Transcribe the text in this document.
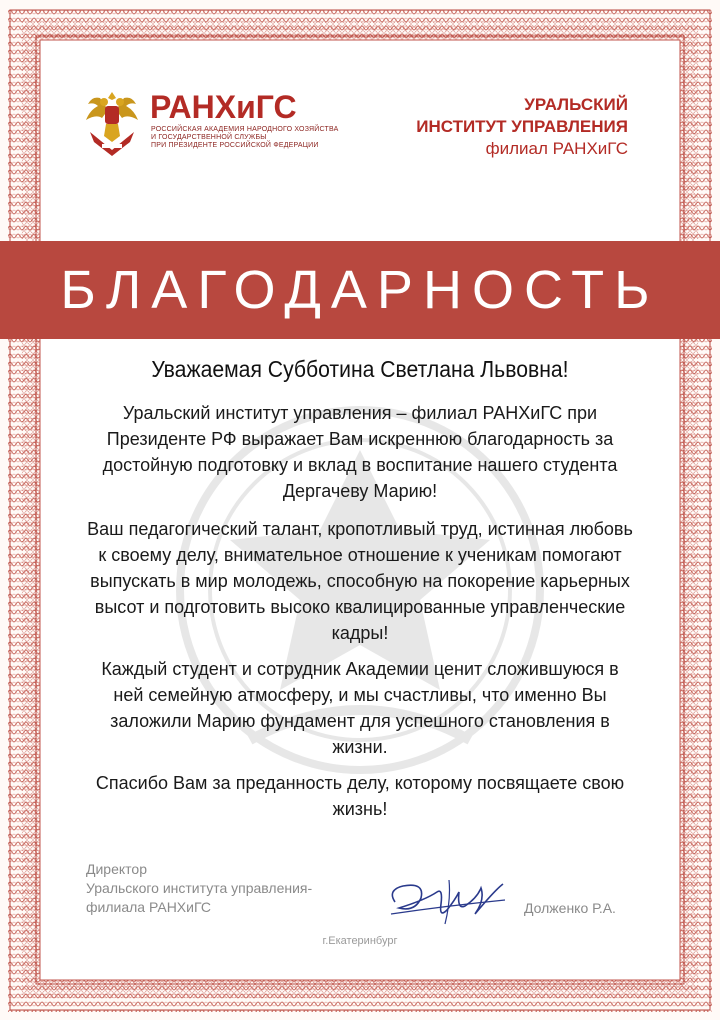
РАНХиГС
РОССИЙСКАЯ АКАДЕМИЯ НАРОДНОГО ХОЗЯЙСТВА
И ГОСУДАРСТВЕННОЙ СЛУЖБЫ
ПРИ ПРЕЗИДЕНТЕ РОССИЙСКОЙ ФЕДЕРАЦИИ
УРАЛЬСКИЙ
ИНСТИТУТ УПРАВЛЕНИЯ
филиал РАНХиГС
БЛАГОДАРНОСТЬ
Уважаемая Субботина Светлана Львовна!
Уральский институт управления – филиал РАНХиГС при Президенте РФ выражает Вам искреннюю благодарность за достойную подготовку и вклад в воспитание нашего студента Дергачеву Марию!
Ваш педагогический талант, кропотливый труд, истинная любовь к своему делу, внимательное отношение к ученикам помогают выпускать в мир молодежь, способную на покорение карьерных высот и подготовить высоко квалицированные управленческие кадры!
Каждый студент и сотрудник Академии ценит сложившуюся в ней семейную атмосферу, и мы счастливы, что именно Вы заложили Марию фундамент для успешного становления в жизни.
Спасибо Вам за преданность делу, которому посвящаете свою жизнь!
Директор
Уральского института управления-
филиала РАНХиГС	Долженко Р.А.
г.Екатеринбург
